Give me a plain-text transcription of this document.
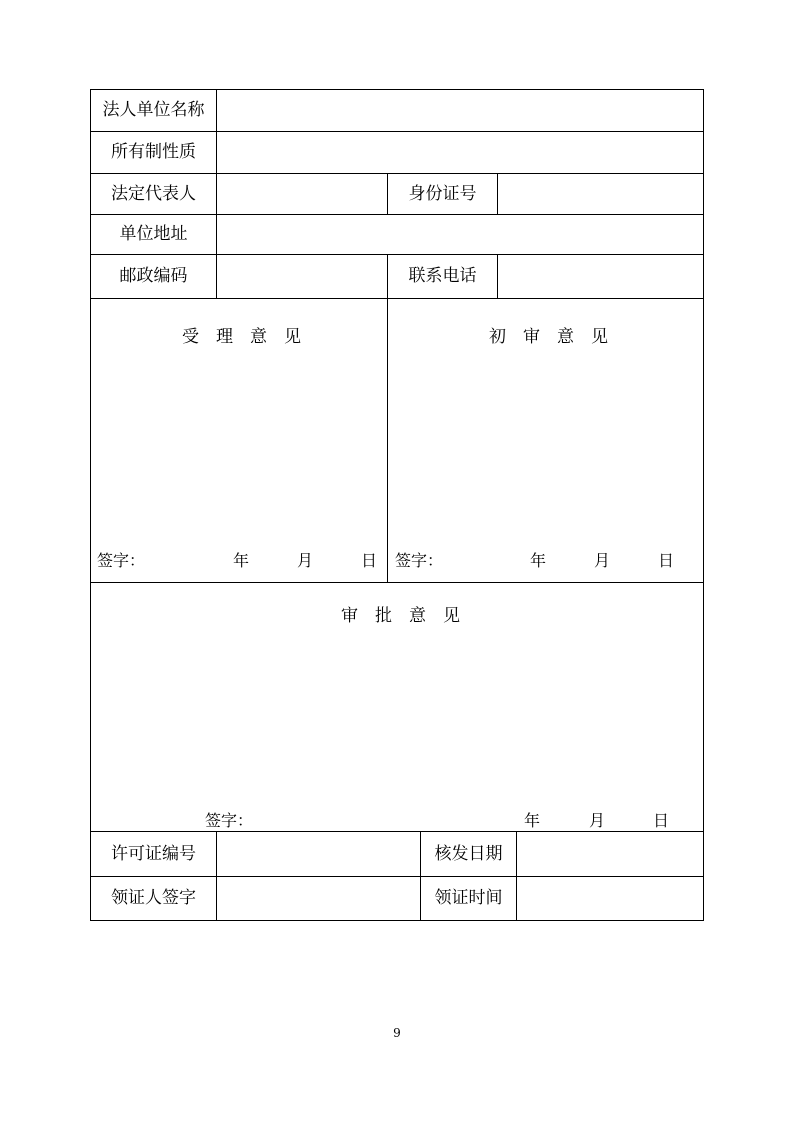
法人单位名称
所有制性质
法定代表人	身份证号
单位地址
邮政编码	联系电话
受理意见
签字：	年	月	日
初审意见
签字：	年	月	日
审批意见
签字：	年	月	日
许可证编号	核发日期
领证人签字	领证时间
9
